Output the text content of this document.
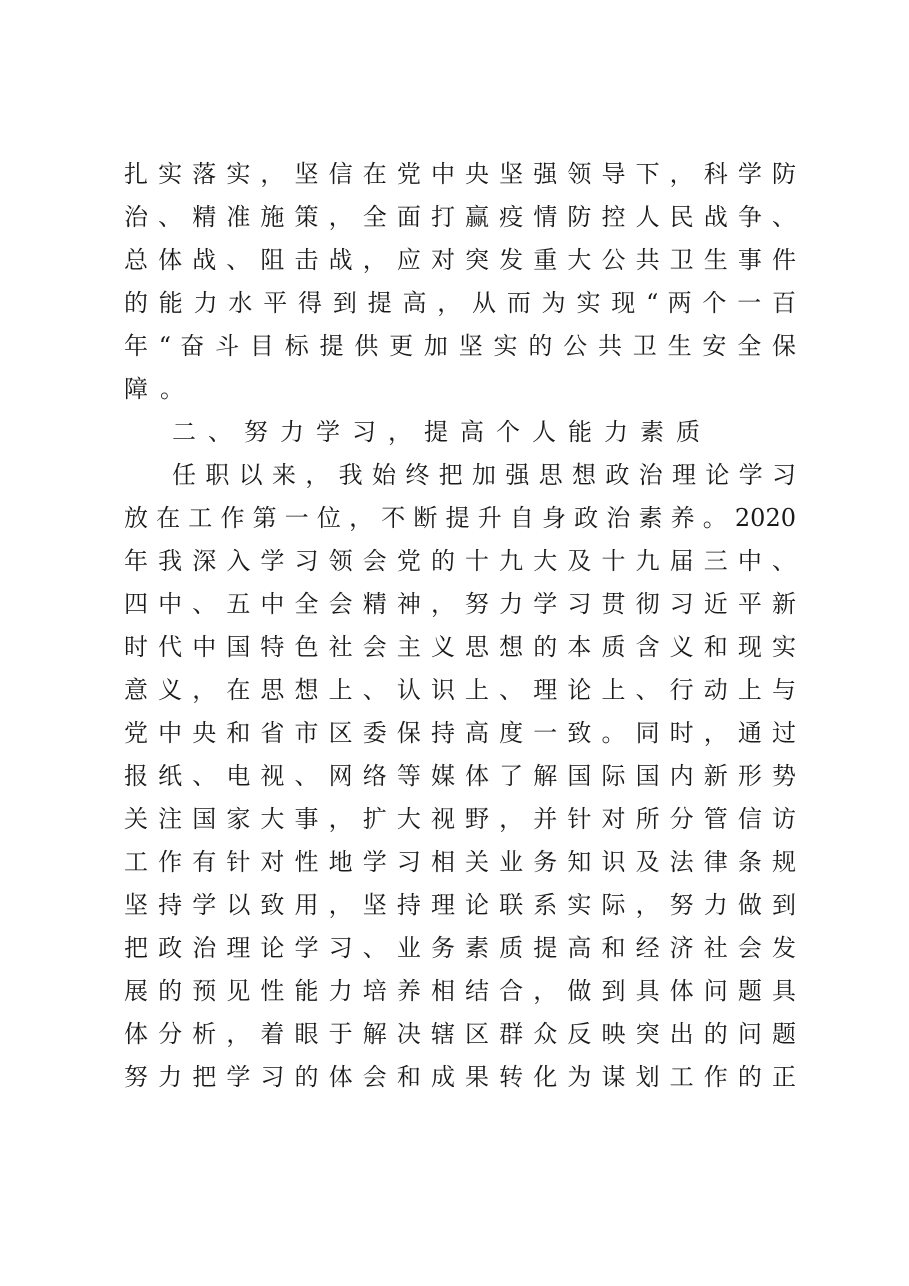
扎 实 落 实 ， 坚 信 在 党 中 央 坚 强 领 导 下 ， 科 学 防
治 、 精 准 施 策 ， 全 面 打 赢 疫 情 防 控 人 民 战 争 、
总 体 战 、 阻 击 战 ， 应 对 突 发 重 大 公 共 卫 生 事 件
的 能 力 水 平 得 到 提 高 ， 从 而 为 实 现 “ 两 个 一 百
年 “ 奋 斗 目 标 提 供 更 加 坚 实 的 公 共 卫 生 安 全 保
障。
二、努力学习，提高个人能力素质
任 职 以 来 ， 我 始 终 把 加 强 思 想 政 治 理 论 学 习
放 在 工 作 第 一 位 ， 不 断 提 升 自 身 政 治 素 养 。 2020
年 我 深 入 学 习 领 会 党 的 十 九 大 及 十 九 届 三 中 、
四 中 、 五 中 全 会 精 神 ， 努 力 学 习 贯 彻 习 近 平 新
时 代 中 国 特 色 社 会 主 义 思 想 的 本 质 含 义 和 现 实
意 义 ， 在 思 想 上 、 认 识 上 、 理 论 上 、 行 动 上 与
党 中 央 和 省 市 区 委 保 持 高 度 一 致 。 同 时 ， 通 过
报 纸 、 电 视 、 网 络 等 媒 体 了 解 国 际 国 内 新 形 势
关 注 国 家 大 事 ， 扩 大 视 野 ， 并 针 对 所 分 管 信 访
工 作 有 针 对 性 地 学 习 相 关 业 务 知 识 及 法 律 条 规
坚 持 学 以 致 用 ， 坚 持 理 论 联 系 实 际 ， 努 力 做 到
把 政 治 理 论 学 习 、 业 务 素 质 提 高 和 经 济 社 会 发
展 的 预 见 性 能 力 培 养 相 结 合 ， 做 到 具 体 问 题 具
体 分 析 ， 着 眼 于 解 决 辖 区 群 众 反 映 突 出 的 问 题
努 力 把 学 习 的 体 会 和 成 果 转 化 为 谋 划 工 作 的 正
